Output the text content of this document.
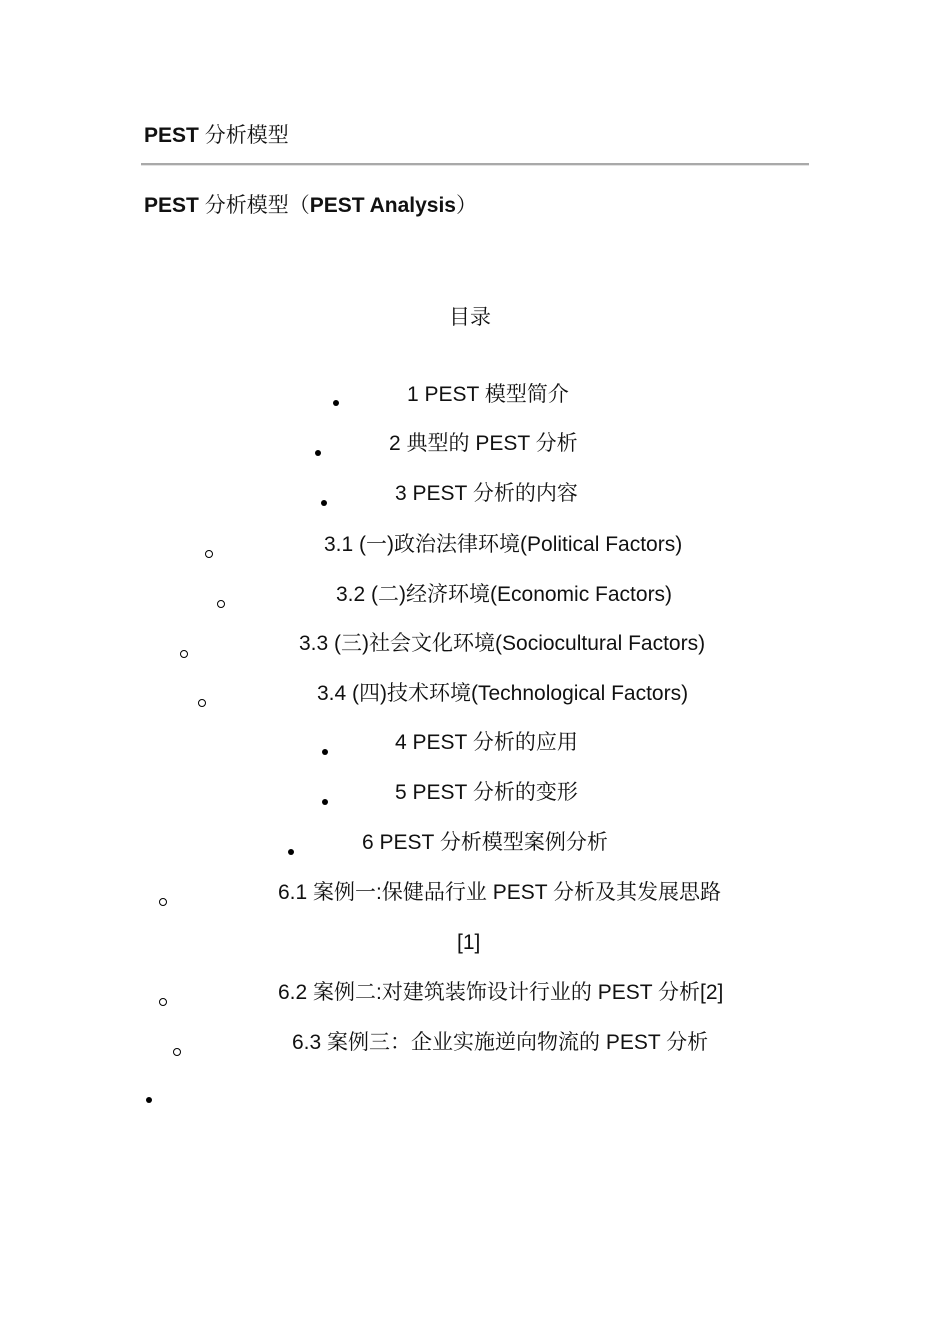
PEST 分析模型
PEST 分析模型（PEST Analysis）
目录
1 PEST 模型简介
2 典型的 PEST 分析
3 PEST 分析的内容
3.1 (一)政治法律环境(Political Factors)
3.2 (二)经济环境(Economic Factors)
3.3 (三)社会文化环境(Sociocultural Factors)
3.4 (四)技术环境(Technological Factors)
4 PEST 分析的应用
5 PEST 分析的变形
6 PEST 分析模型案例分析
6.1 案例一:保健品行业 PEST 分析及其发展思路
[1]
6.2 案例二:对建筑装饰设计行业的 PEST 分析[2]
6.3 案例三：企业实施逆向物流的 PEST 分析
